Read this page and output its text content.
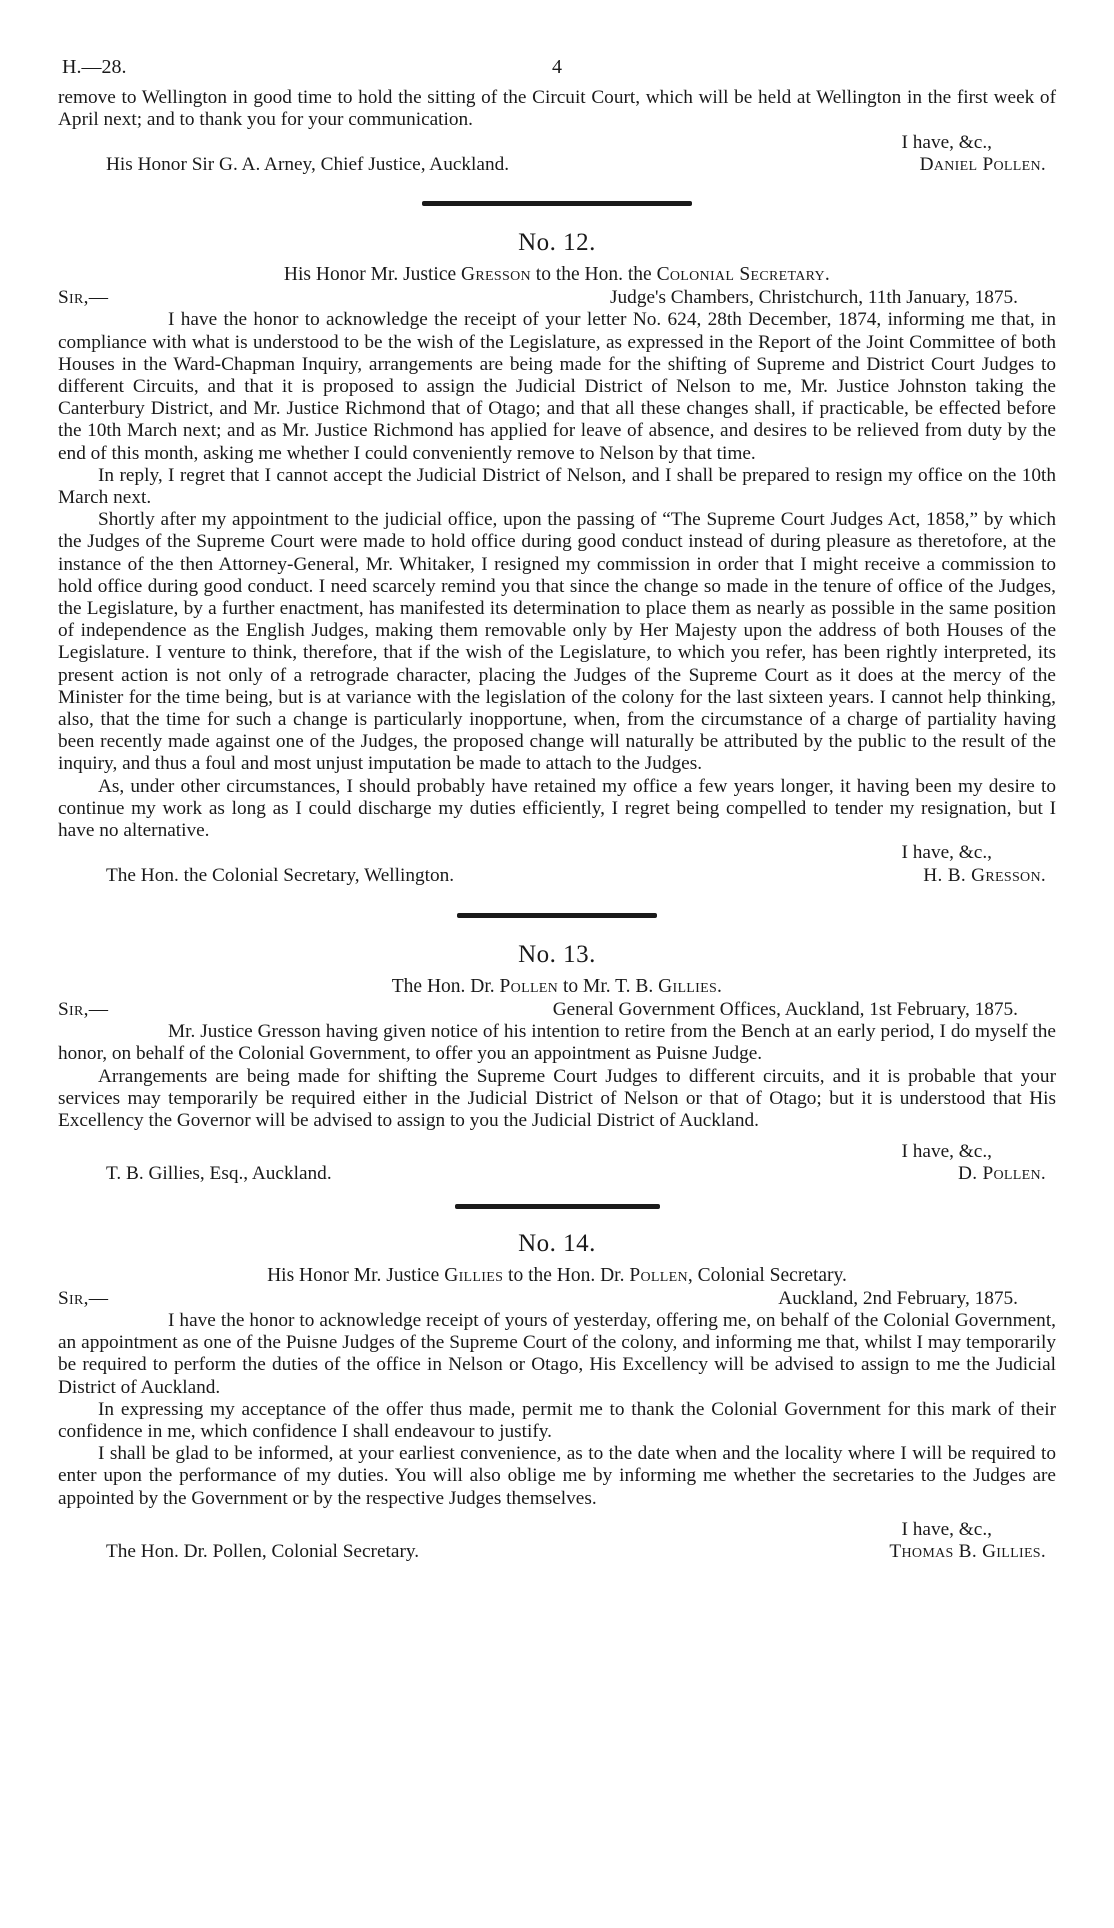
H.—28.	4

remove to Wellington in good time to hold the sitting of the Circuit Court, which will be held at Wellington in the first week of April next; and to thank you for your communication.

I have, &c.,
His Honor Sir G. A. Arney, Chief Justice, Auckland.	Daniel Pollen.
No. 12.
His Honor Mr. Justice Gresson to the Hon. the Colonial Secretary.
Sir,—	Judge's Chambers, Christchurch, 11th January, 1875.

I have the honor to acknowledge the receipt of your letter No. 624, 28th December, 1874, informing me that, in compliance with what is understood to be the wish of the Legislature, as expressed in the Report of the Joint Committee of both Houses in the Ward-Chapman Inquiry, arrangements are being made for the shifting of Supreme and District Court Judges to different Circuits, and that it is proposed to assign the Judicial District of Nelson to me, Mr. Justice Johnston taking the Canterbury District, and Mr. Justice Richmond that of Otago; and that all these changes shall, if practicable, be effected before the 10th March next; and as Mr. Justice Richmond has applied for leave of absence, and desires to be relieved from duty by the end of this month, asking me whether I could conveniently remove to Nelson by that time.

In reply, I regret that I cannot accept the Judicial District of Nelson, and I shall be prepared to resign my office on the 10th March next.

Shortly after my appointment to the judicial office, upon the passing of “The Supreme Court Judges Act, 1858,” by which the Judges of the Supreme Court were made to hold office during good conduct instead of during pleasure as theretofore, at the instance of the then Attorney-General, Mr. Whitaker, I resigned my commission in order that I might receive a commission to hold office during good conduct. I need scarcely remind you that since the change so made in the tenure of office of the Judges, the Legislature, by a further enactment, has manifested its determination to place them as nearly as possible in the same position of independence as the English Judges, making them removable only by Her Majesty upon the address of both Houses of the Legislature. I venture to think, therefore, that if the wish of the Legislature, to which you refer, has been rightly interpreted, its present action is not only of a retrograde character, placing the Judges of the Supreme Court as it does at the mercy of the Minister for the time being, but is at variance with the legislation of the colony for the last sixteen years. I cannot help thinking, also, that the time for such a change is particularly inopportune, when, from the circumstance of a charge of partiality having been recently made against one of the Judges, the proposed change will naturally be attributed by the public to the result of the inquiry, and thus a foul and most unjust imputation be made to attach to the Judges.

As, under other circumstances, I should probably have retained my office a few years longer, it having been my desire to continue my work as long as I could discharge my duties efficiently, I regret being compelled to tender my resignation, but I have no alternative.

I have, &c.,
The Hon. the Colonial Secretary, Wellington.	H. B. Gresson.
No. 13.
The Hon. Dr. Pollen to Mr. T. B. Gillies.
Sir,—	General Government Offices, Auckland, 1st February, 1875.

Mr. Justice Gresson having given notice of his intention to retire from the Bench at an early period, I do myself the honor, on behalf of the Colonial Government, to offer you an appointment as Puisne Judge.

Arrangements are being made for shifting the Supreme Court Judges to different circuits, and it is probable that your services may temporarily be required either in the Judicial District of Nelson or that of Otago; but it is understood that His Excellency the Governor will be advised to assign to you the Judicial District of Auckland.

I have, &c.,
T. B. Gillies, Esq., Auckland.	D. Pollen.
No. 14.
His Honor Mr. Justice Gillies to the Hon. Dr. Pollen, Colonial Secretary.
Sir,—	Auckland, 2nd February, 1875.

I have the honor to acknowledge receipt of yours of yesterday, offering me, on behalf of the Colonial Government, an appointment as one of the Puisne Judges of the Supreme Court of the colony, and informing me that, whilst I may temporarily be required to perform the duties of the office in Nelson or Otago, His Excellency will be advised to assign to me the Judicial District of Auckland.

In expressing my acceptance of the offer thus made, permit me to thank the Colonial Government for this mark of their confidence in me, which confidence I shall endeavour to justify.

I shall be glad to be informed, at your earliest convenience, as to the date when and the locality where I will be required to enter upon the performance of my duties. You will also oblige me by informing me whether the secretaries to the Judges are appointed by the Government or by the respective Judges themselves.

I have, &c.,
The Hon. Dr. Pollen, Colonial Secretary.	Thomas B. Gillies.
